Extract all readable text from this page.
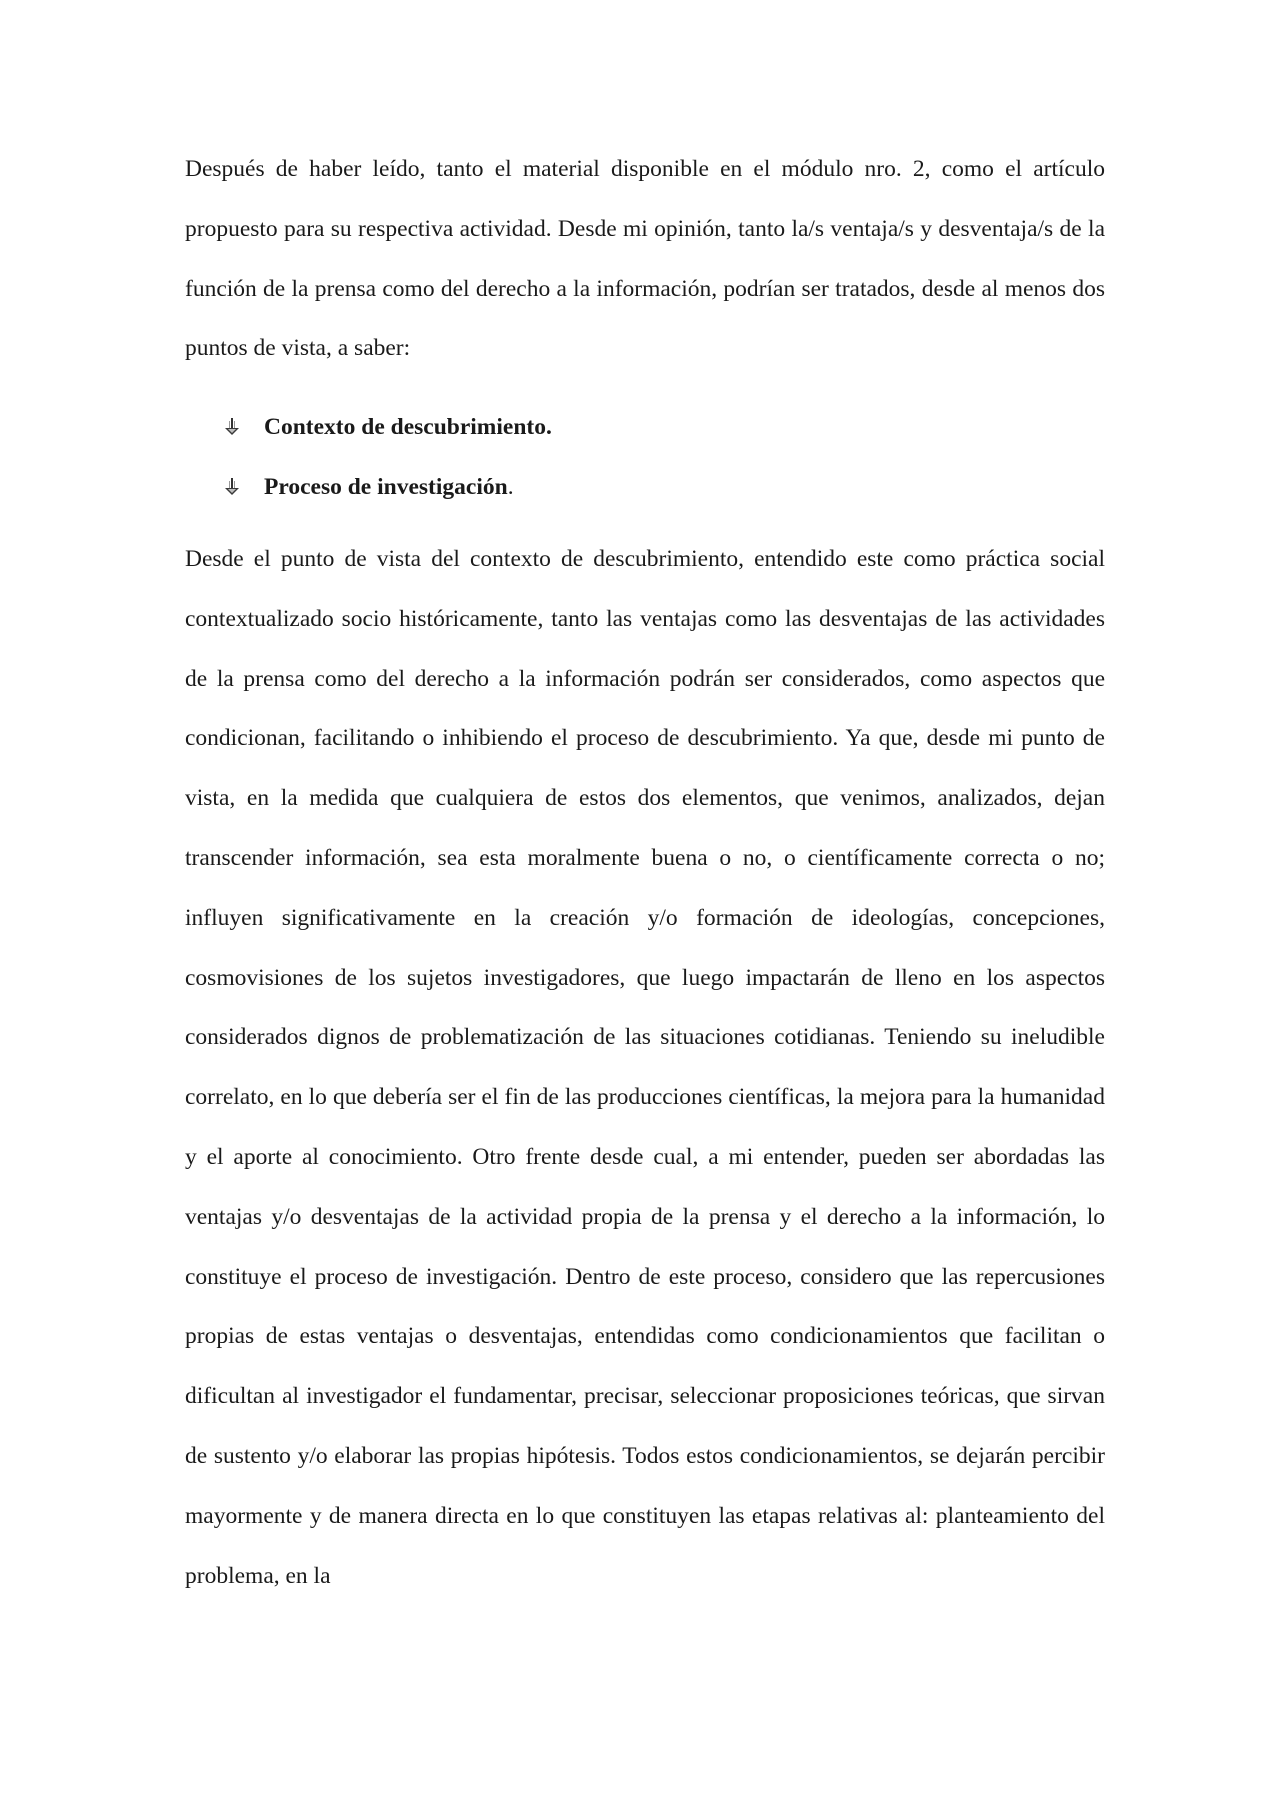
Después de haber leído, tanto el material disponible en el módulo nro. 2, como el artículo propuesto para su respectiva actividad. Desde mi opinión, tanto la/s ventaja/s y desventaja/s de la función de la prensa como del derecho a la información, podrían ser tratados, desde al menos dos puntos de vista, a saber:

Contexto de descubrimiento.
Proceso de investigación.

Desde el punto de vista del contexto de descubrimiento, entendido este como práctica social contextualizado socio históricamente, tanto las ventajas como las desventajas de las actividades de la prensa como del derecho a la información podrán ser considerados, como aspectos que condicionan, facilitando o inhibiendo el proceso de descubrimiento. Ya que, desde mi punto de vista, en la medida que cualquiera de estos dos elementos, que venimos, analizados, dejan transcender información, sea esta moralmente buena o no, o científicamente correcta o no; influyen significativamente en la creación y/o formación de ideologías, concepciones, cosmovisiones de los sujetos investigadores, que luego impactarán de lleno en los aspectos considerados dignos de problematización de las situaciones cotidianas. Teniendo su ineludible correlato, en lo que debería ser el fin de las producciones científicas, la mejora para la humanidad y el aporte al conocimiento. Otro frente desde cual, a mi entender, pueden ser abordadas las ventajas y/o desventajas de la actividad propia de la prensa y el derecho a la información, lo constituye el proceso de investigación. Dentro de este proceso, considero que las repercusiones propias de estas ventajas o desventajas, entendidas como condicionamientos que facilitan o dificultan al investigador el fundamentar, precisar, seleccionar proposiciones teóricas, que sirvan de sustento y/o elaborar las propias hipótesis. Todos estos condicionamientos, se dejarán percibir mayormente y de manera directa en lo que constituyen las etapas relativas al: planteamiento del problema, en la
